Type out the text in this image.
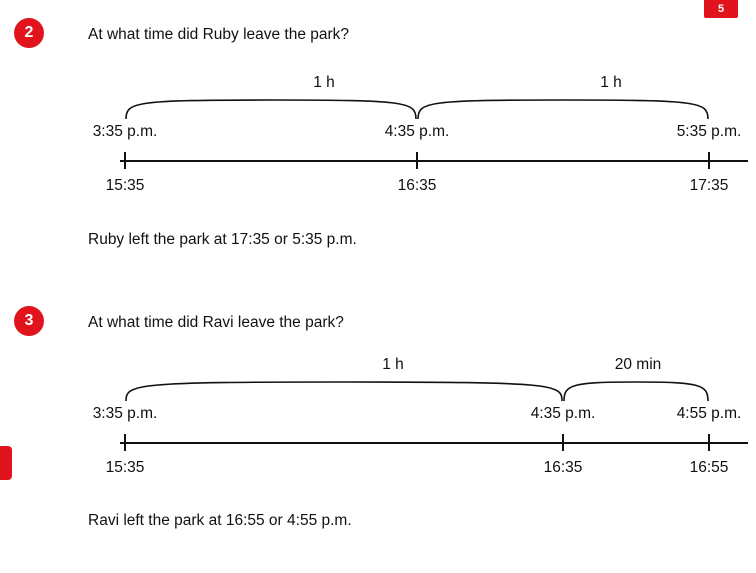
5
2	At what time did Ruby leave the park?
1 h	1 h
3:35 p.m.	4:35 p.m.	5:35 p.m.
15:35	16:35	17:35
Ruby left the park at 17:35 or 5:35 p.m.
3	At what time did Ravi leave the park?
1 h	20 min
3:35 p.m.	4:35 p.m.	4:55 p.m.
15:35	16:35	16:55
Ravi left the park at 16:55 or 4:55 p.m.
